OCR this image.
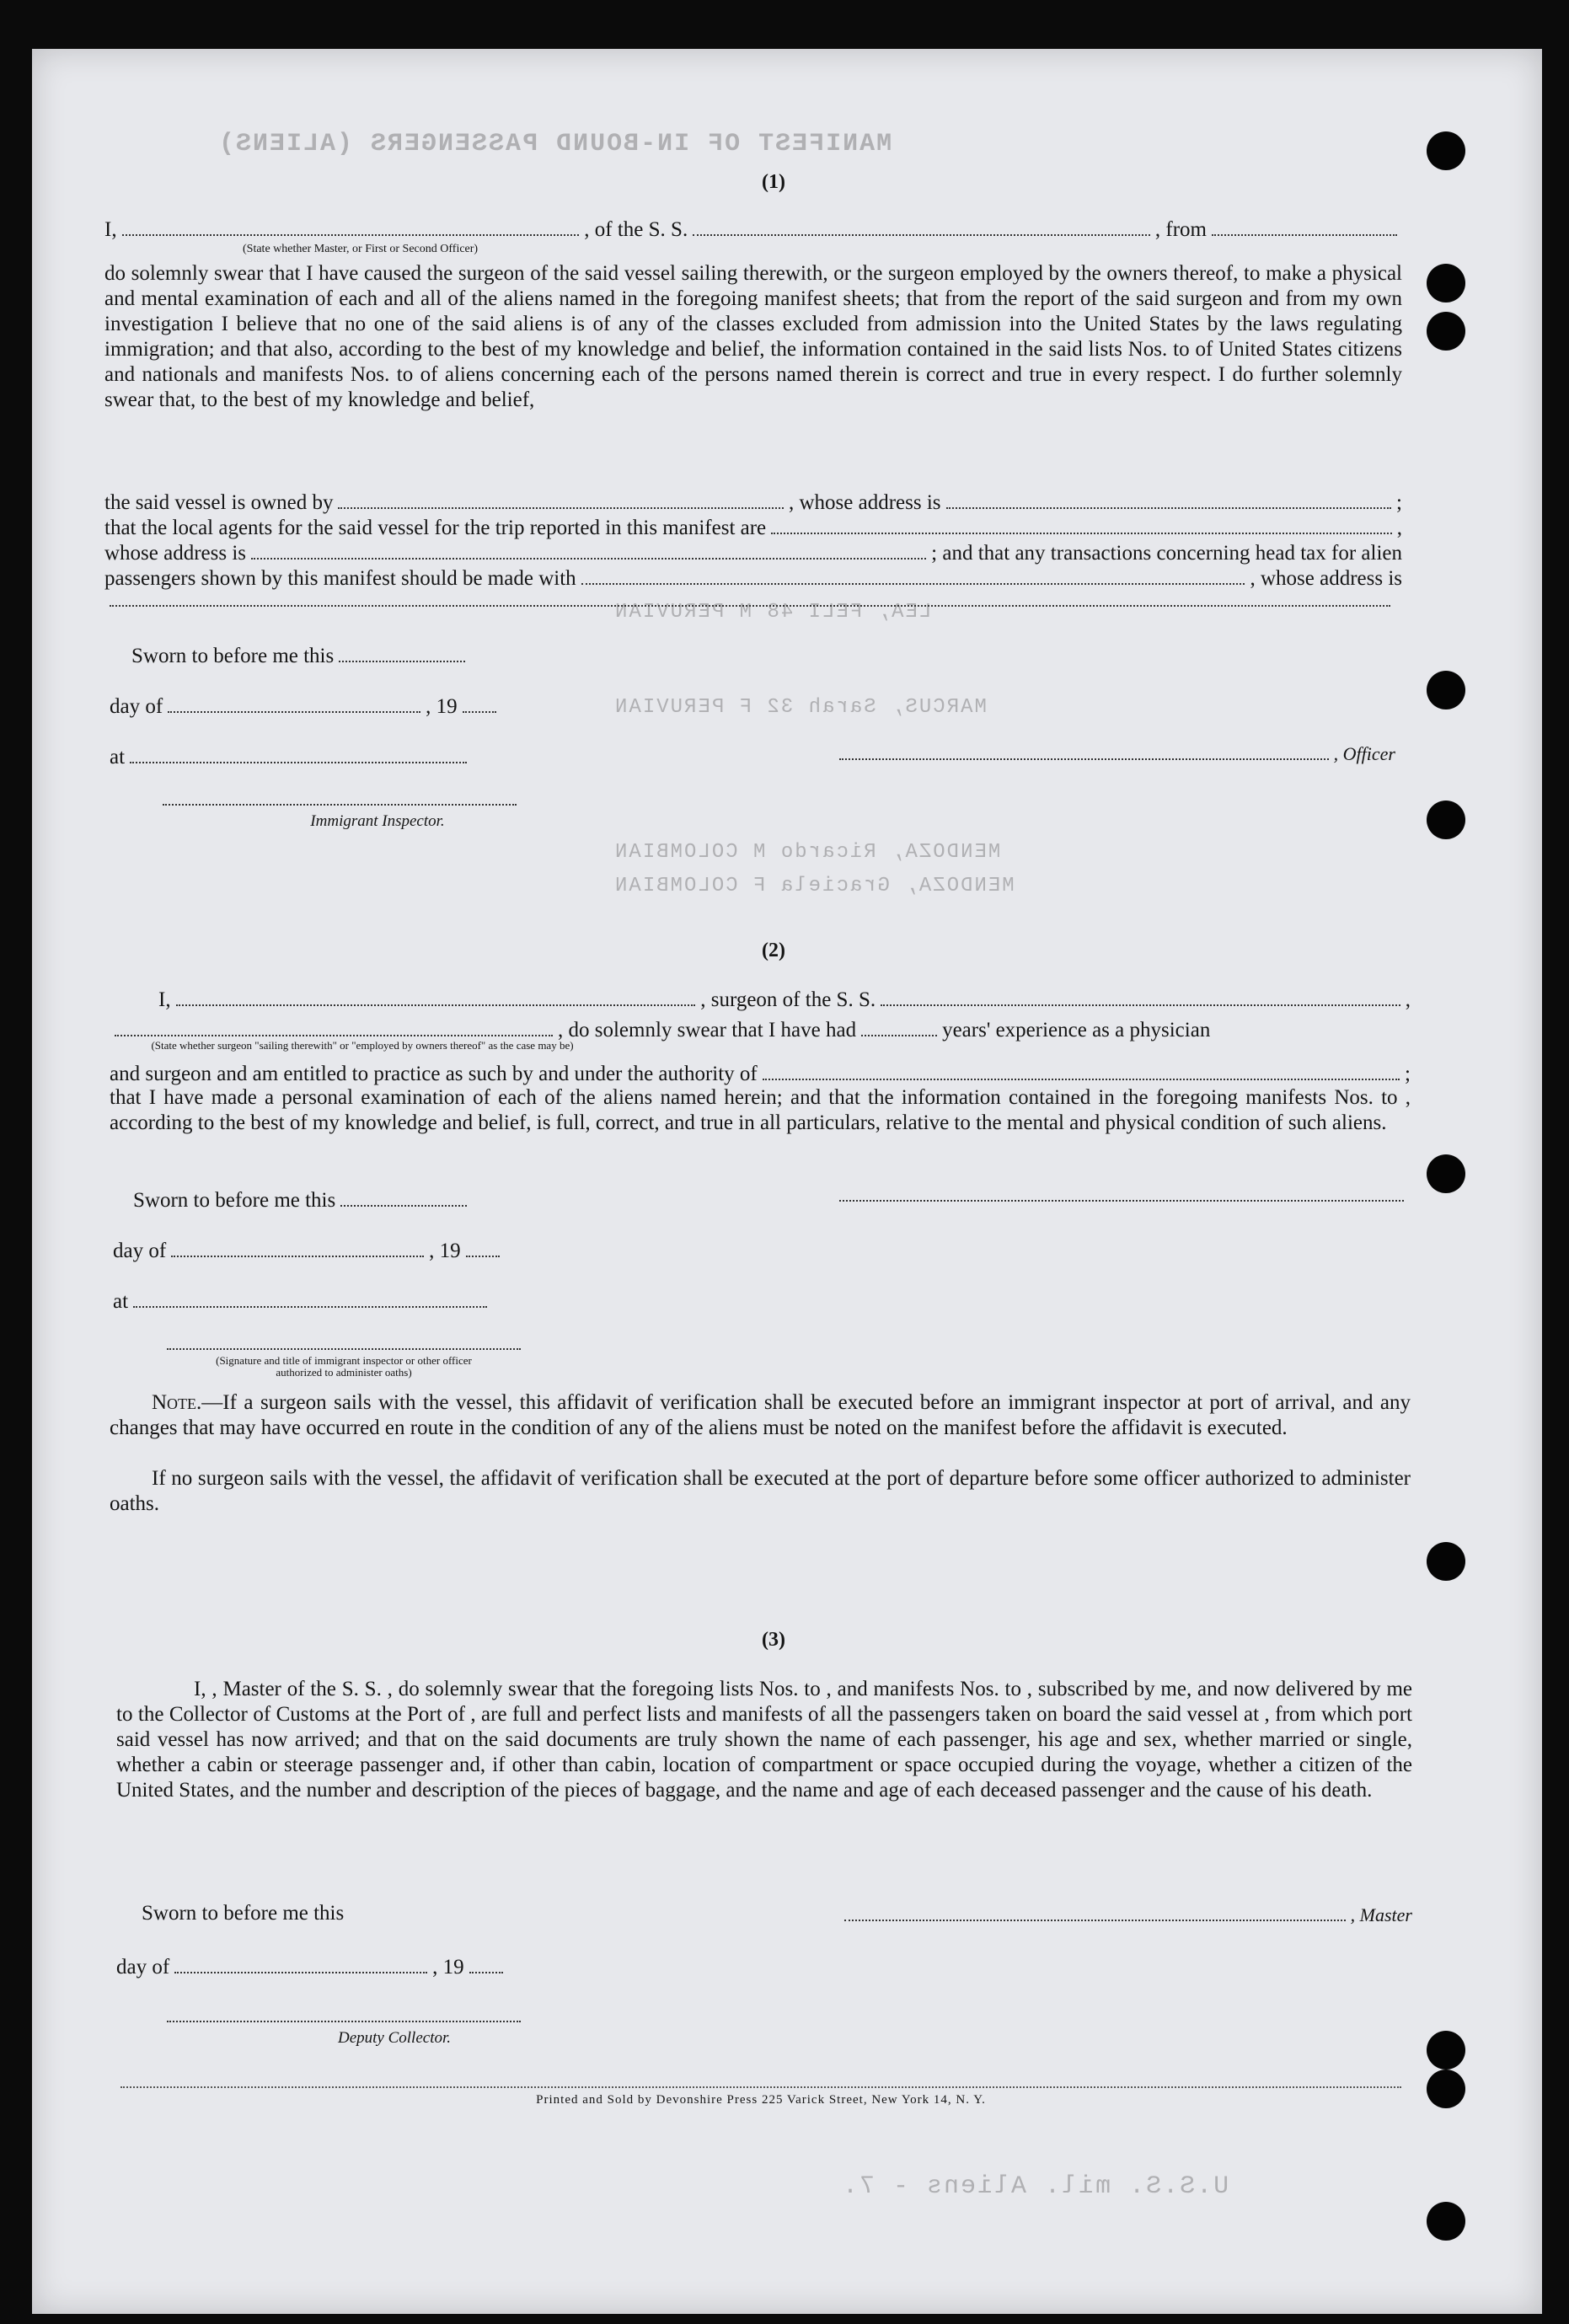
MANIFEST OF IN-BOUND PASSENGERS (ALIENS)
LEA, FELI 48 M PERUVIAN
MARCUS, Sarah 32 F PERUVIAN
MENDOZA, Ricardo M COLOMBIAN
MENDOZA, Graciela F COLOMBIAN
U.S.S. mil. Aliens - 7.
(1)
I,	, of the S. S.	, from
(State whether Master, or First or Second Officer)
do solemnly swear that I have caused the surgeon of the said vessel sailing therewith, or the surgeon employed by the owners thereof, to make a physical and mental examination of each and all of the aliens named in the foregoing manifest sheets; that from the report of the said surgeon and from my own investigation I believe that no one of the said aliens is of any of the classes excluded from admission into the United States by the laws regulating immigration; and that also, according to the best of my knowledge and belief, the information contained in the said lists Nos. to of United States citizens and nationals and manifests Nos. to of aliens concerning each of the persons named therein is correct and true in every respect. I do further solemnly swear that, to the best of my knowledge and belief,
the said vessel is owned by	, whose address is	;
that the local agents for the said vessel for the trip reported in this manifest are	,
whose address is	; and that any transactions concerning head tax for alien
passengers shown by this manifest should be made with	, whose address is
Sworn to before me this
day of	, 19
at	, Officer
Immigrant Inspector.
(2)
I,	, surgeon of the S. S.	,
, do solemnly swear that I have had	years' experience as a physician
(State whether surgeon "sailing therewith" or "employed by owners thereof" as the case may be)
and surgeon and am entitled to practice as such by and under the authority of	;
that I have made a personal examination of each of the aliens named herein; and that the information contained in the foregoing manifests Nos. to , according to the best of my knowledge and belief, is full, correct, and true in all particulars, relative to the mental and physical condition of such aliens.
Sworn to before me this
day of	, 19
at
(Signature and title of immigrant inspector or other officer authorized to administer oaths)
Note.—If a surgeon sails with the vessel, this affidavit of verification shall be executed before an immigrant inspector at port of arrival, and any changes that may have occurred en route in the condition of any of the aliens must be noted on the manifest before the affidavit is executed.
If no surgeon sails with the vessel, the affidavit of verification shall be executed at the port of departure before some officer authorized to administer oaths.
(3)
I, , Master of the S. S. , do solemnly swear that the foregoing lists Nos. to , and manifests Nos. to , subscribed by me, and now delivered by me to the Collector of Customs at the Port of , are full and perfect lists and manifests of all the passengers taken on board the said vessel at , from which port said vessel has now arrived; and that on the said documents are truly shown the name of each passenger, his age and sex, whether married or single, whether a cabin or steerage passenger and, if other than cabin, location of compartment or space occupied during the voyage, whether a citizen of the United States, and the number and description of the pieces of baggage, and the name and age of each deceased passenger and the cause of his death.
Sworn to before me this	, Master
day of	, 19
Deputy Collector.
Printed and Sold by Devonshire Press 225 Varick Street, New York 14, N. Y.
